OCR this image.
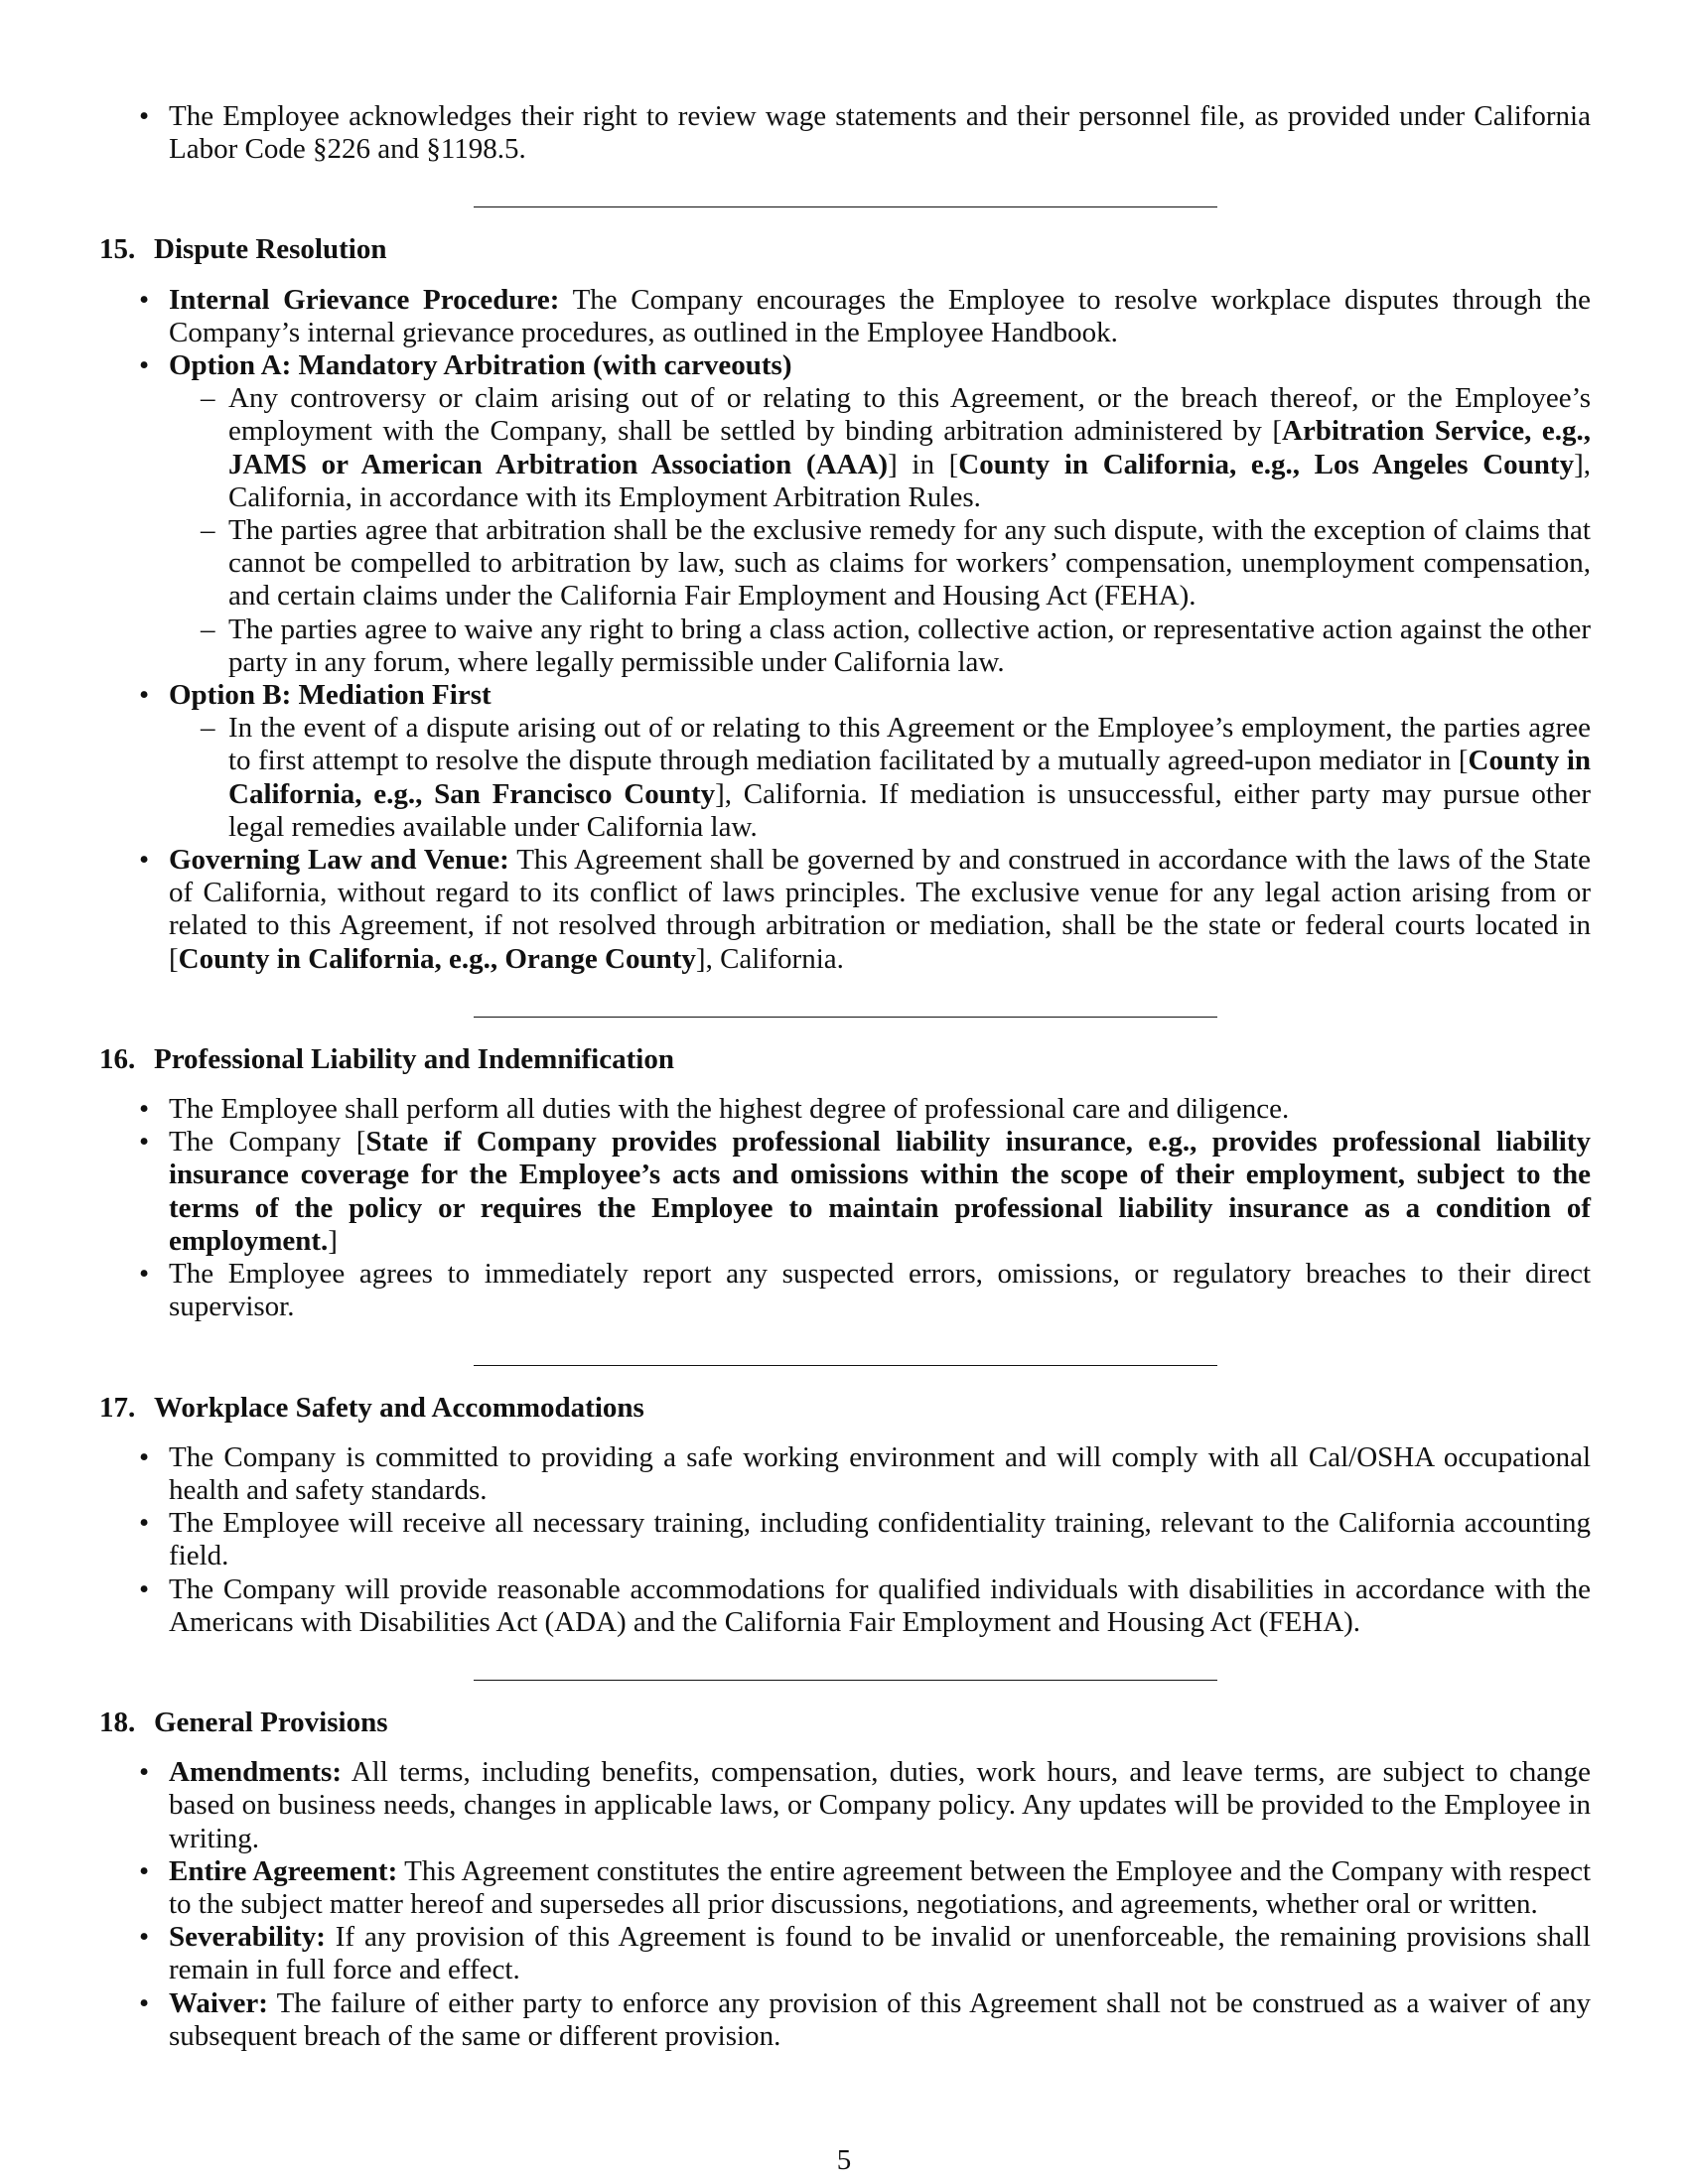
• The Employee acknowledges their right to review wage statements and their personnel file, as provided under California Labor Code §226 and §1198.5.
15. Dispute Resolution
• Internal Grievance Procedure: The Company encourages the Employee to resolve workplace disputes through the Company’s internal grievance procedures, as outlined in the Employee Handbook.
• Option A: Mandatory Arbitration (with carveouts)
– Any controversy or claim arising out of or relating to this Agreement, or the breach thereof, or the Employee’s employment with the Company, shall be settled by binding arbitration administered by [Arbitration Service, e.g., JAMS or American Arbitration Association (AAA)] in [County in California, e.g., Los Angeles County], California, in accordance with its Employment Arbitration Rules.
– The parties agree that arbitration shall be the exclusive remedy for any such dispute, with the exception of claims that cannot be compelled to arbitration by law, such as claims for workers’ compensation, unemployment compensation, and certain claims under the California Fair Employment and Housing Act (FEHA).
– The parties agree to waive any right to bring a class action, collective action, or representative action against the other party in any forum, where legally permissible under California law.
• Option B: Mediation First
– In the event of a dispute arising out of or relating to this Agreement or the Employee’s employment, the parties agree to first attempt to resolve the dispute through mediation facilitated by a mutually agreed-upon mediator in [County in California, e.g., San Francisco County], California. If mediation is unsuccessful, either party may pursue other legal remedies available under California law.
• Governing Law and Venue: This Agreement shall be governed by and construed in accordance with the laws of the State of California, without regard to its conflict of laws principles. The exclusive venue for any legal action arising from or related to this Agreement, if not resolved through arbitration or mediation, shall be the state or federal courts located in [County in California, e.g., Orange County], California.
16. Professional Liability and Indemnification
• The Employee shall perform all duties with the highest degree of professional care and diligence.
• The Company [State if Company provides professional liability insurance, e.g., provides professional liability insurance coverage for the Employee’s acts and omissions within the scope of their employment, subject to the terms of the policy or requires the Employee to maintain professional liability insurance as a condition of employment.]
• The Employee agrees to immediately report any suspected errors, omissions, or regulatory breaches to their direct supervisor.
17. Workplace Safety and Accommodations
• The Company is committed to providing a safe working environment and will comply with all Cal/OSHA occupational health and safety standards.
• The Employee will receive all necessary training, including confidentiality training, relevant to the California accounting field.
• The Company will provide reasonable accommodations for qualified individuals with disabilities in accordance with the Americans with Disabilities Act (ADA) and the California Fair Employment and Housing Act (FEHA).
18. General Provisions
• Amendments: All terms, including benefits, compensation, duties, work hours, and leave terms, are subject to change based on business needs, changes in applicable laws, or Company policy. Any updates will be provided to the Employee in writing.
• Entire Agreement: This Agreement constitutes the entire agreement between the Employee and the Company with respect to the subject matter hereof and supersedes all prior discussions, negotiations, and agreements, whether oral or written.
• Severability: If any provision of this Agreement is found to be invalid or unenforceable, the remaining provisions shall remain in full force and effect.
• Waiver: The failure of either party to enforce any provision of this Agreement shall not be construed as a waiver of any subsequent breach of the same or different provision.
5
